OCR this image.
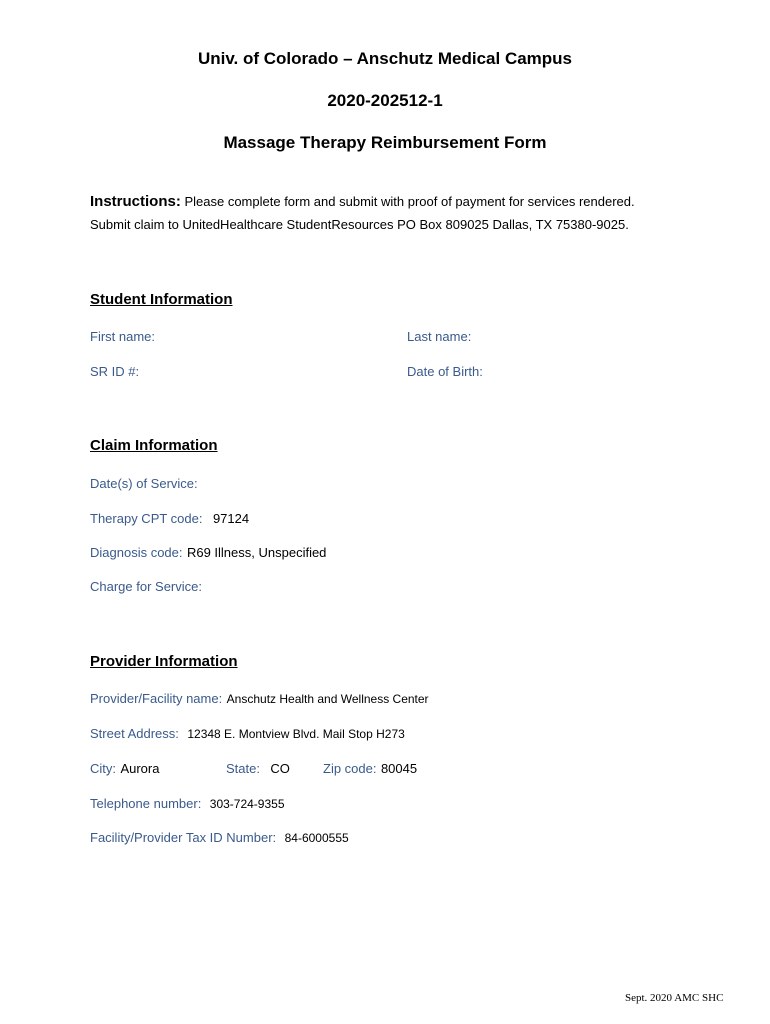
Univ. of Colorado – Anschutz Medical Campus
2020-202512-1
Massage Therapy Reimbursement Form
Instructions: Please complete form and submit with proof of payment for services rendered.
Submit claim to UnitedHealthcare StudentResources PO Box 809025 Dallas, TX 75380-9025.
Student Information
First name:	Last name:
SR ID #:	Date of Birth:
Claim Information
Date(s) of Service:
Therapy CPT code: 97124
Diagnosis code: R69 Illness, Unspecified
Charge for Service:
Provider Information
Provider/Facility name: Anschutz Health and Wellness Center
Street Address: 12348 E. Montview Blvd. Mail Stop H273
City: Aurora	State: CO	Zip code: 80045
Telephone number: 303-724-9355
Facility/Provider Tax ID Number: 84-6000555
Sept. 2020 AMC SHC
